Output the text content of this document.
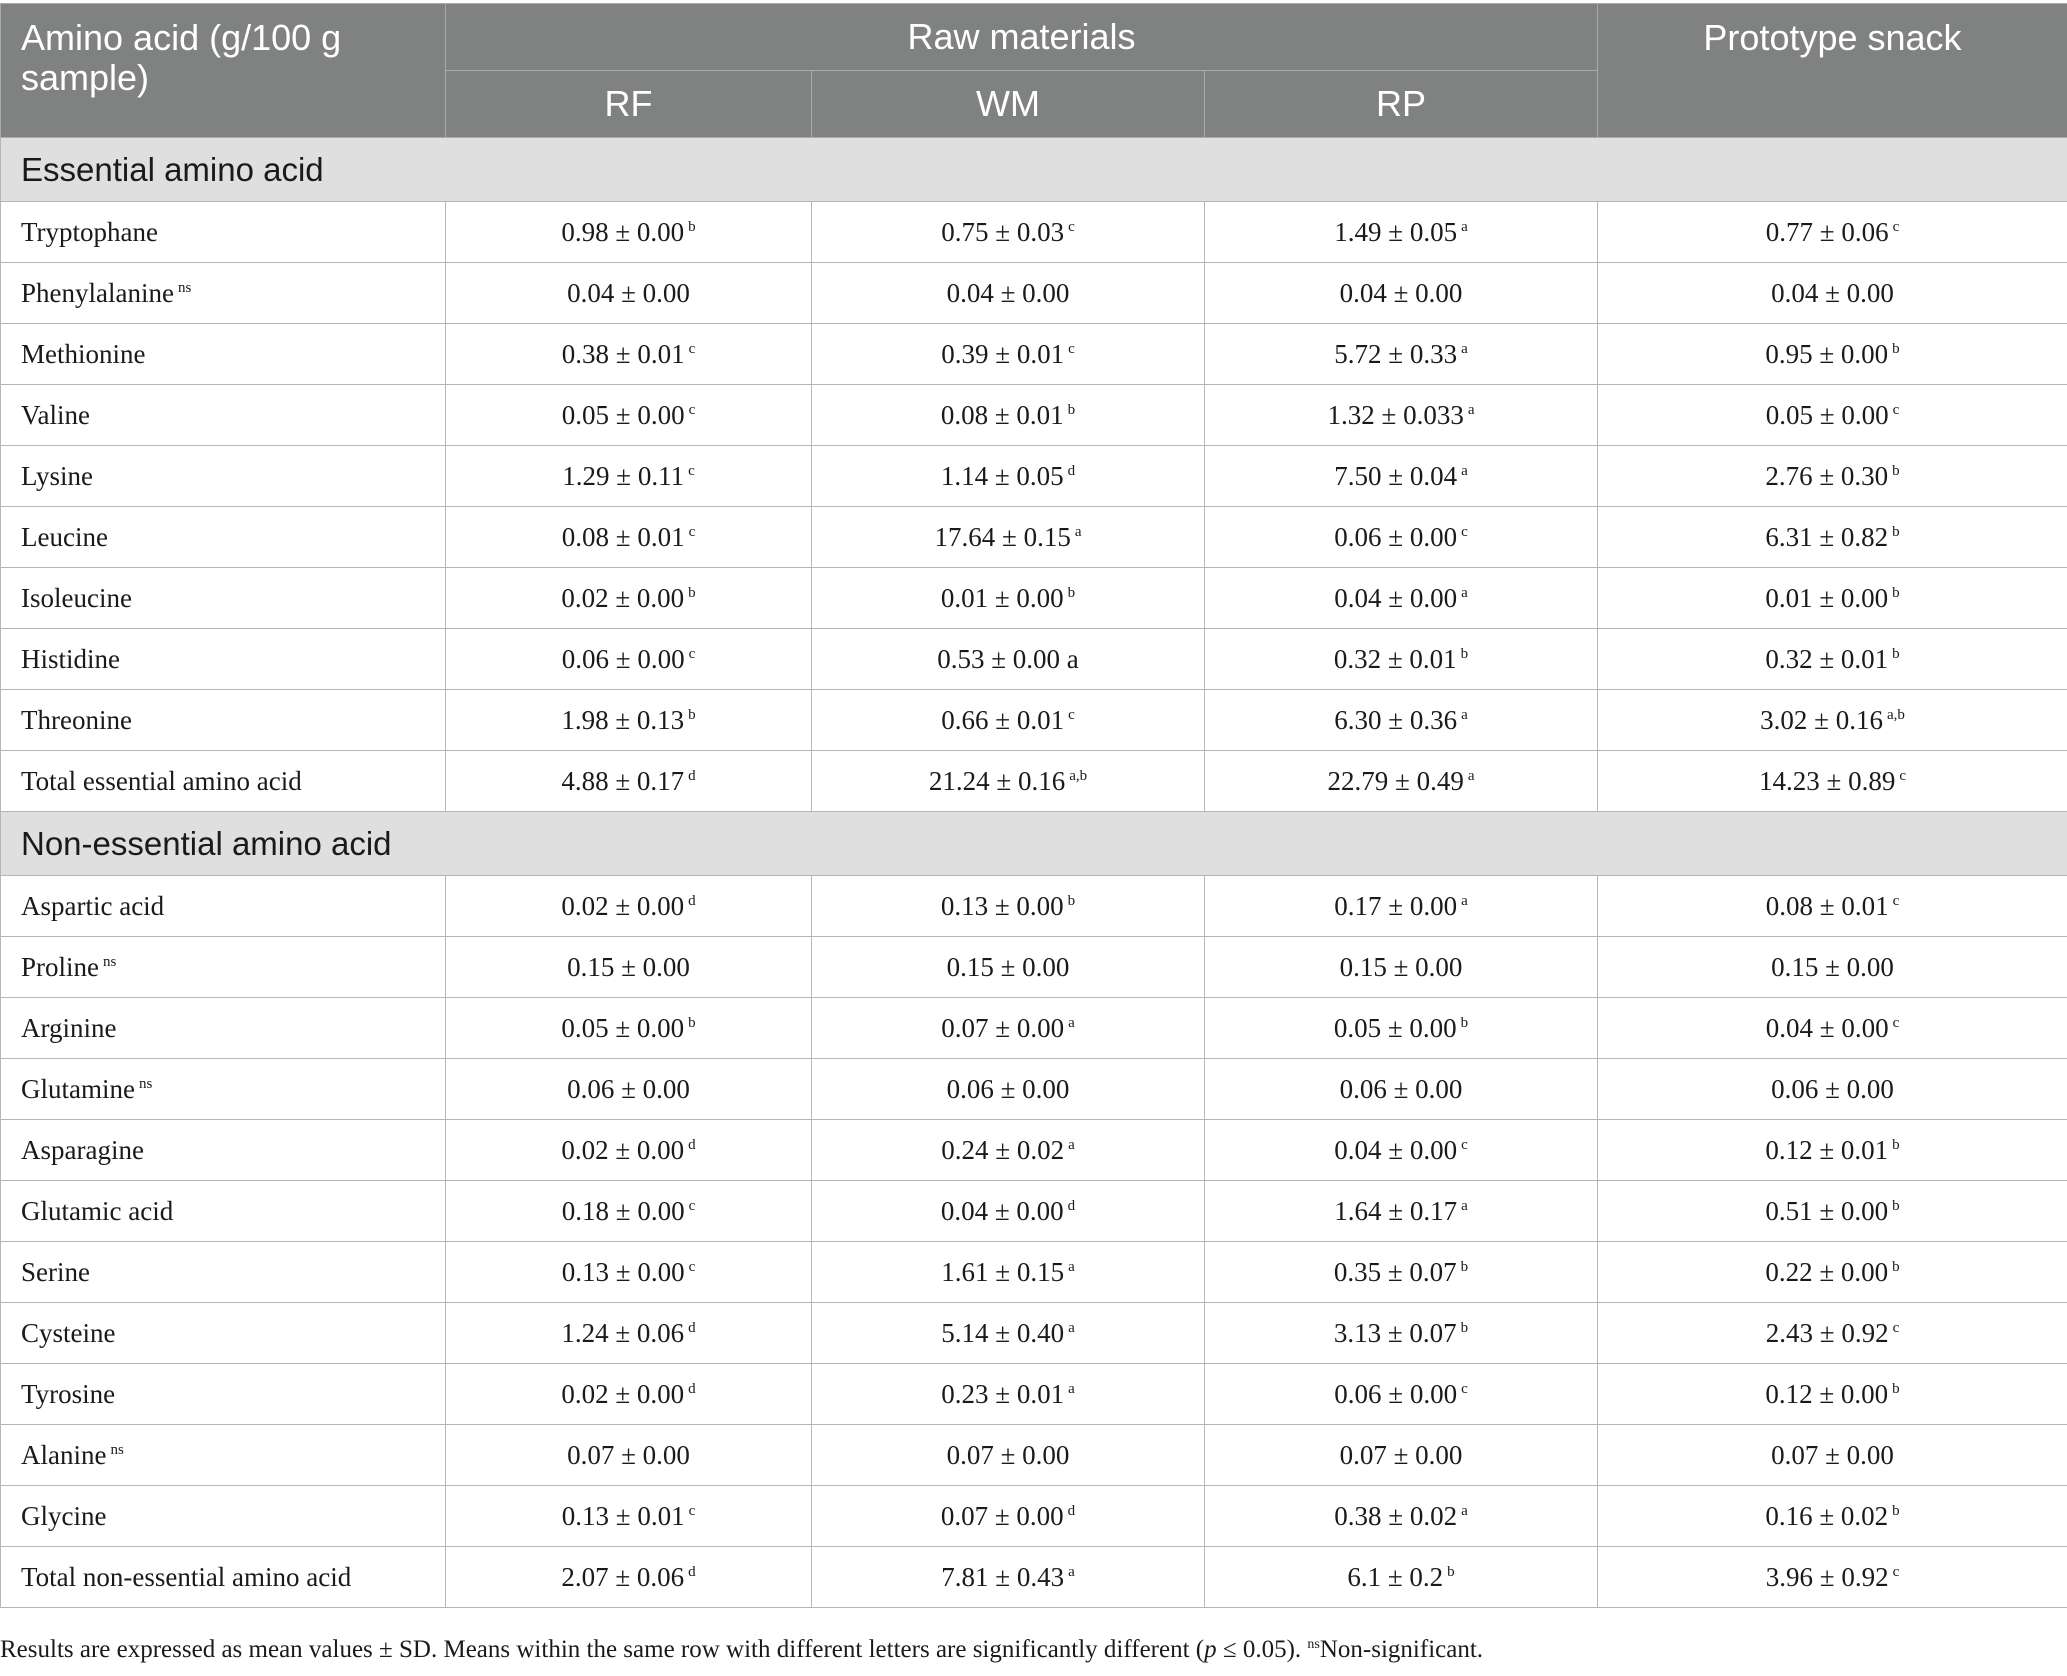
Amino acid (g/100 g sample)	Raw materials			Prototype snack
	RF	WM	RP	
Essential amino acid				
Tryptophane	0.98 ± 0.00 $^b$	0.75 ± 0.03 $^c$	1.49 ± 0.05 $^a$	0.77 ± 0.06 $^c$
Phenylalanine $^{ns}$	0.04 ± 0.00	0.04 ± 0.00	0.04 ± 0.00	0.04 ± 0.00
Methionine	0.38 ± 0.01 $^c$	0.39 ± 0.01 $^c$	5.72 ± 0.33 $^a$	0.95 ± 0.00 $^b$
Valine	0.05 ± 0.00 $^c$	0.08 ± 0.01 $^b$	1.32 ± 0.033 $^a$	0.05 ± 0.00 $^c$
Lysine	1.29 ± 0.11 $^c$	1.14 ± 0.05 $^d$	7.50 ± 0.04 $^a$	2.76 ± 0.30 $^b$
Leucine	0.08 ± 0.01 $^c$	17.64 ± 0.15 $^a$	0.06 ± 0.00 $^c$	6.31 ± 0.82 $^b$
Isoleucine	0.02 ± 0.00 $^b$	0.01 ± 0.00 $^b$	0.04 ± 0.00 $^a$	0.01 ± 0.00 $^b$
Histidine	0.06 ± 0.00 $^c$	0.53 ± 0.00 a	0.32 ± 0.01 $^b$	0.32 ± 0.01 $^b$
Threonine	1.98 ± 0.13 $^b$	0.66 ± 0.01 $^c$	6.30 ± 0.36 $^a$	3.02 ± 0.16 $^{a,b}$
Total essential amino acid	4.88 ± 0.17 $^d$	21.24 ± 0.16 $^{a,b}$	22.79 ± 0.49 $^a$	14.23 ± 0.89 $^c$
Non-essential amino acid				
Aspartic acid	0.02 ± 0.00 $^d$	0.13 ± 0.00 $^b$	0.17 ± 0.00 $^a$	0.08 ± 0.01 $^c$
Proline $^{ns}$	0.15 ± 0.00	0.15 ± 0.00	0.15 ± 0.00	0.15 ± 0.00
Arginine	0.05 ± 0.00 $^b$	0.07 ± 0.00 $^a$	0.05 ± 0.00 $^b$	0.04 ± 0.00 $^c$
Glutamine $^{ns}$	0.06 ± 0.00	0.06 ± 0.00	0.06 ± 0.00	0.06 ± 0.00
Asparagine	0.02 ± 0.00 $^d$	0.24 ± 0.02 $^a$	0.04 ± 0.00 $^c$	0.12 ± 0.01 $^b$
Glutamic acid	0.18 ± 0.00 $^c$	0.04 ± 0.00 $^d$	1.64 ± 0.17 $^a$	0.51 ± 0.00 $^b$
Serine	0.13 ± 0.00 $^c$	1.61 ± 0.15 $^a$	0.35 ± 0.07 $^b$	0.22 ± 0.00 $^b$
Cysteine	1.24 ± 0.06 $^d$	5.14 ± 0.40 $^a$	3.13 ± 0.07 $^b$	2.43 ± 0.92 $^c$
Tyrosine	0.02 ± 0.00 $^d$	0.23 ± 0.01 $^a$	0.06 ± 0.00 $^c$	0.12 ± 0.00 $^b$
Alanine $^{ns}$	0.07 ± 0.00	0.07 ± 0.00	0.07 ± 0.00	0.07 ± 0.00
Glycine	0.13 ± 0.01 $^c$	0.07 ± 0.00 $^d$	0.38 ± 0.02 $^a$	0.16 ± 0.02 $^b$
Total non-essential amino acid	2.07 ± 0.06 $^d$	7.81 ± 0.43 $^a$	6.1 ± 0.2 $^b$	3.96 ± 0.92 $^c$
Results are expressed as mean values ± SD. Means within the same row with different letters are significantly different (p ≤ 0.05). $^{ns}$Non-significant.
